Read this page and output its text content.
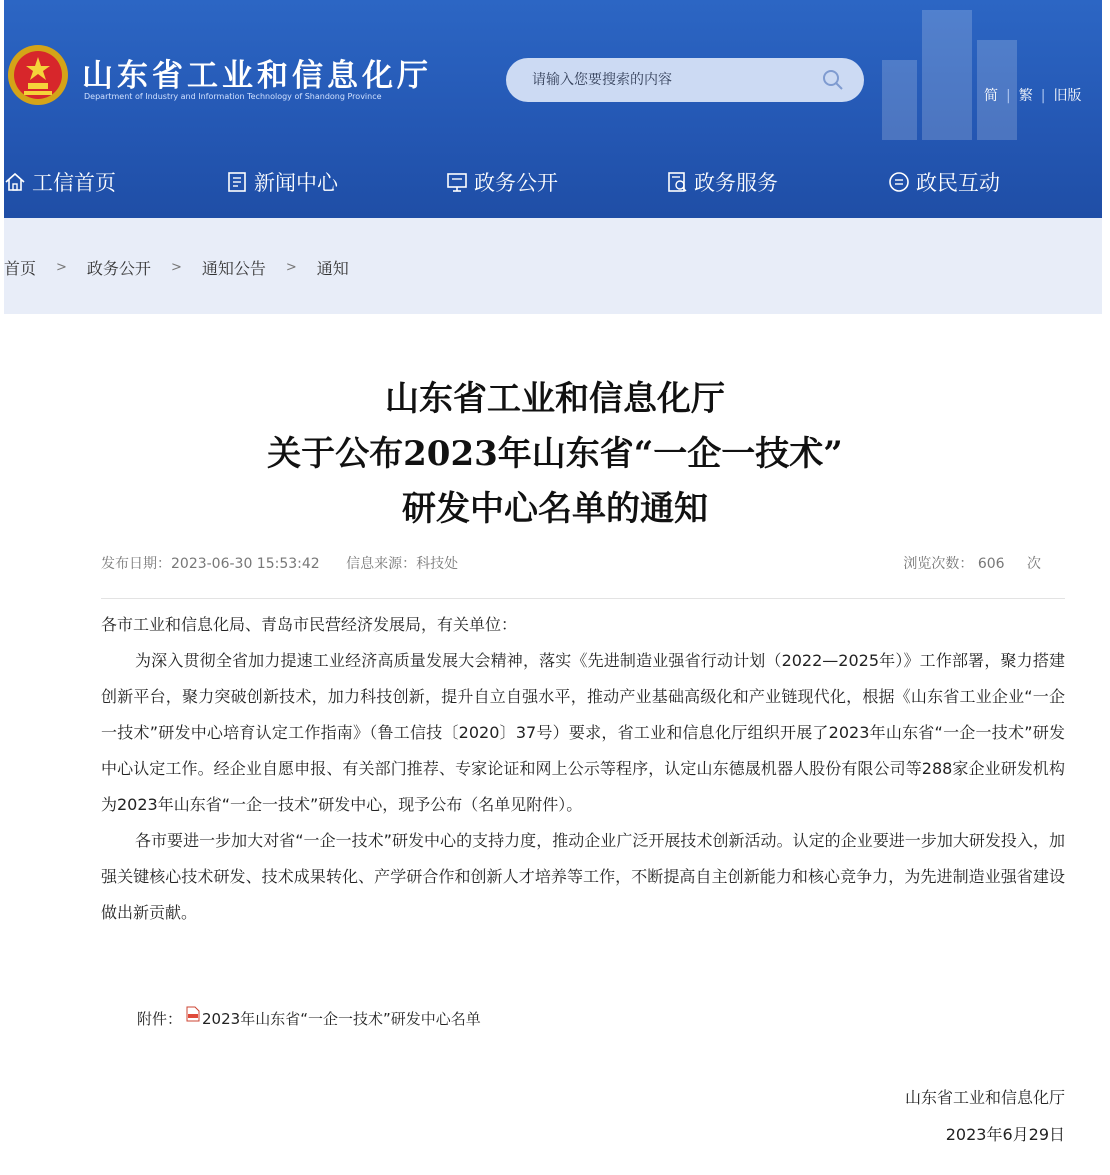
山东省工业和信息化厅
Department of Industry and Information Technology of Shandong Province
请输入您要搜索的内容	简 | 繁 | 旧版
工信首页	新闻中心	政务公开	政务服务	政民互动
首页 > 政务公开 > 通知公告 > 通知
山东省工业和信息化厅
关于公布2023年山东省“一企一技术”
研发中心名单的通知
发布日期：2023-06-30 15:53:42 信息来源：科技处	浏览次数： 606 次

各市工业和信息化局、青岛市民营经济发展局，有关单位：

为深入贯彻全省加力提速工业经济高质量发展大会精神，落实《先进制造业强省行动计划（2022—2025年）》工作部署，聚力搭建创新平台，聚力突破创新技术，加力科技创新，提升自立自强水平，推动产业基础高级化和产业链现代化，根据《山东省工业企业“一企一技术”研发中心培育认定工作指南》（鲁工信技〔2020〕37号）要求，省工业和信息化厅组织开展了2023年山东省“一企一技术”研发中心认定工作。经企业自愿申报、有关部门推荐、专家论证和网上公示等程序，认定山东德晟机器人股份有限公司等288家企业研发机构为2023年山东省“一企一技术”研发中心，现予公布（名单见附件）。

各市要进一步加大对省“一企一技术”研发中心的支持力度，推动企业广泛开展技术创新活动。认定的企业要进一步加大研发投入，加强关键核心技术研发、技术成果转化、产学研合作和创新人才培养等工作，不断提高自主创新能力和核心竞争力，为先进制造业强省建设做出新贡献。

附件： 2023年山东省“一企一技术”研发中心名单
山东省工业和信息化厅
2023年6月29日
